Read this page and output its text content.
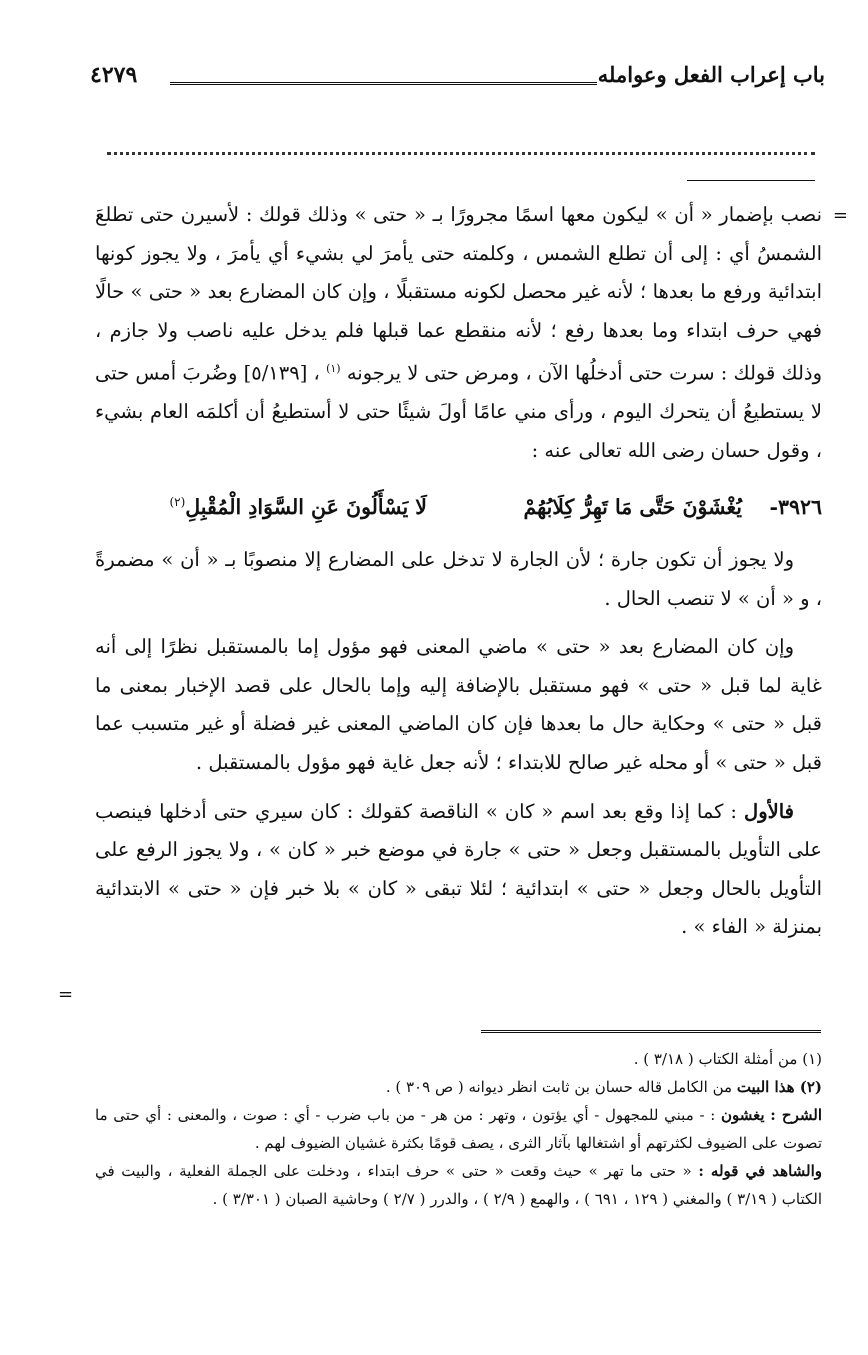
باب إعراب الفعل وعوامله
٤٢٧٩
=

نصب بإضمار « أن » ليكون معها اسمًا مجرورًا بـ « حتى » وذلك قولك : لأسيرن حتى تطلعَ الشمسُ أي : إلى أن تطلع الشمس ، وكلمته حتى يأمرَ لي بشيء أي يأمرَ ، ولا يجوز كونها ابتدائية ورفع ما بعدها ؛ لأنه غير محصل لكونه مستقبلًا ، وإن كان المضارع بعد « حتى » حالًا فهي حرف ابتداء وما بعدها رفع ؛ لأنه منقطع عما قبلها فلم يدخل عليه ناصب ولا جازم ، وذلك قولك : سرت حتى أدخلُها الآن ، ومرض حتى لا يرجونه $^{(١)}$ ، [٥/١٣٩] وضُربَ أمس حتى لا يستطيعُ أن يتحرك اليوم ، ورأى مني عامًا أولَ شيئًا حتى لا أستطيعُ أن أكلمَه العام بشيء ، وقول حسان رضى الله تعالى عنه :

٣٩٢٦-
يُغْشَوْنَ حَتَّى مَا تَهِرُّ كِلَابُهُمْ
لَا يَسْأَلُونَ عَنِ السَّوَادِ الْمُقْبِلِ$^{(٢)}$

ولا يجوز أن تكون جارة ؛ لأن الجارة لا تدخل على المضارع إلا منصوبًا بـ « أن » مضمرةً ، و « أن » لا تنصب الحال .

وإن كان المضارع بعد « حتى » ماضي المعنى فهو مؤول إما بالمستقبل نظرًا إلى أنه غاية لما قبل « حتى » فهو مستقبل بالإضافة إليه وإما بالحال على قصد الإخبار بمعنى ما قبل « حتى » وحكاية حال ما بعدها فإن كان الماضي المعنى غير فضلة أو غير متسبب عما قبل « حتى » أو محله غير صالح للابتداء ؛ لأنه جعل غاية فهو مؤول بالمستقبل .

فالأول : كما إذا وقع بعد اسم « كان » الناقصة كقولك : كان سيري حتى أدخلها فينصب على التأويل بالمستقبل وجعل « حتى » جارة في موضع خبر « كان » ، ولا يجوز الرفع على التأويل بالحال وجعل « حتى » ابتدائية ؛ لئلا تبقى « كان » بلا خبر فإن « حتى » الابتدائية بمنزلة « الفاء » .

=

(١) من أمثلة الكتاب ( ٣/١٨ ) .

(٢) هذا البيت من الكامل قاله حسان بن ثابت انظر ديوانه ( ص ٣٠٩ ) .

الشرح : يغشون : - مبني للمجهول - أي يؤتون ، وتهر : من هر - من باب ضرب - أي : صوت ، والمعنى : أي حتى ما تصوت على الضيوف لكثرتهم أو اشتغالها بآثار الثرى ، يصف قومًا بكثرة غشيان الضيوف لهم .

والشاهد في قوله : « حتى ما تهر » حيث وقعت « حتى » حرف ابتداء ، ودخلت على الجملة الفعلية ، والبيت في الكتاب ( ٣/١٩ ) والمغني ( ١٢٩ ، ٦٩١ ) ، والهمع ( ٢/٩ ) ، والدرر ( ٢/٧ ) وحاشية الصبان ( ٣/٣٠١ ) .
